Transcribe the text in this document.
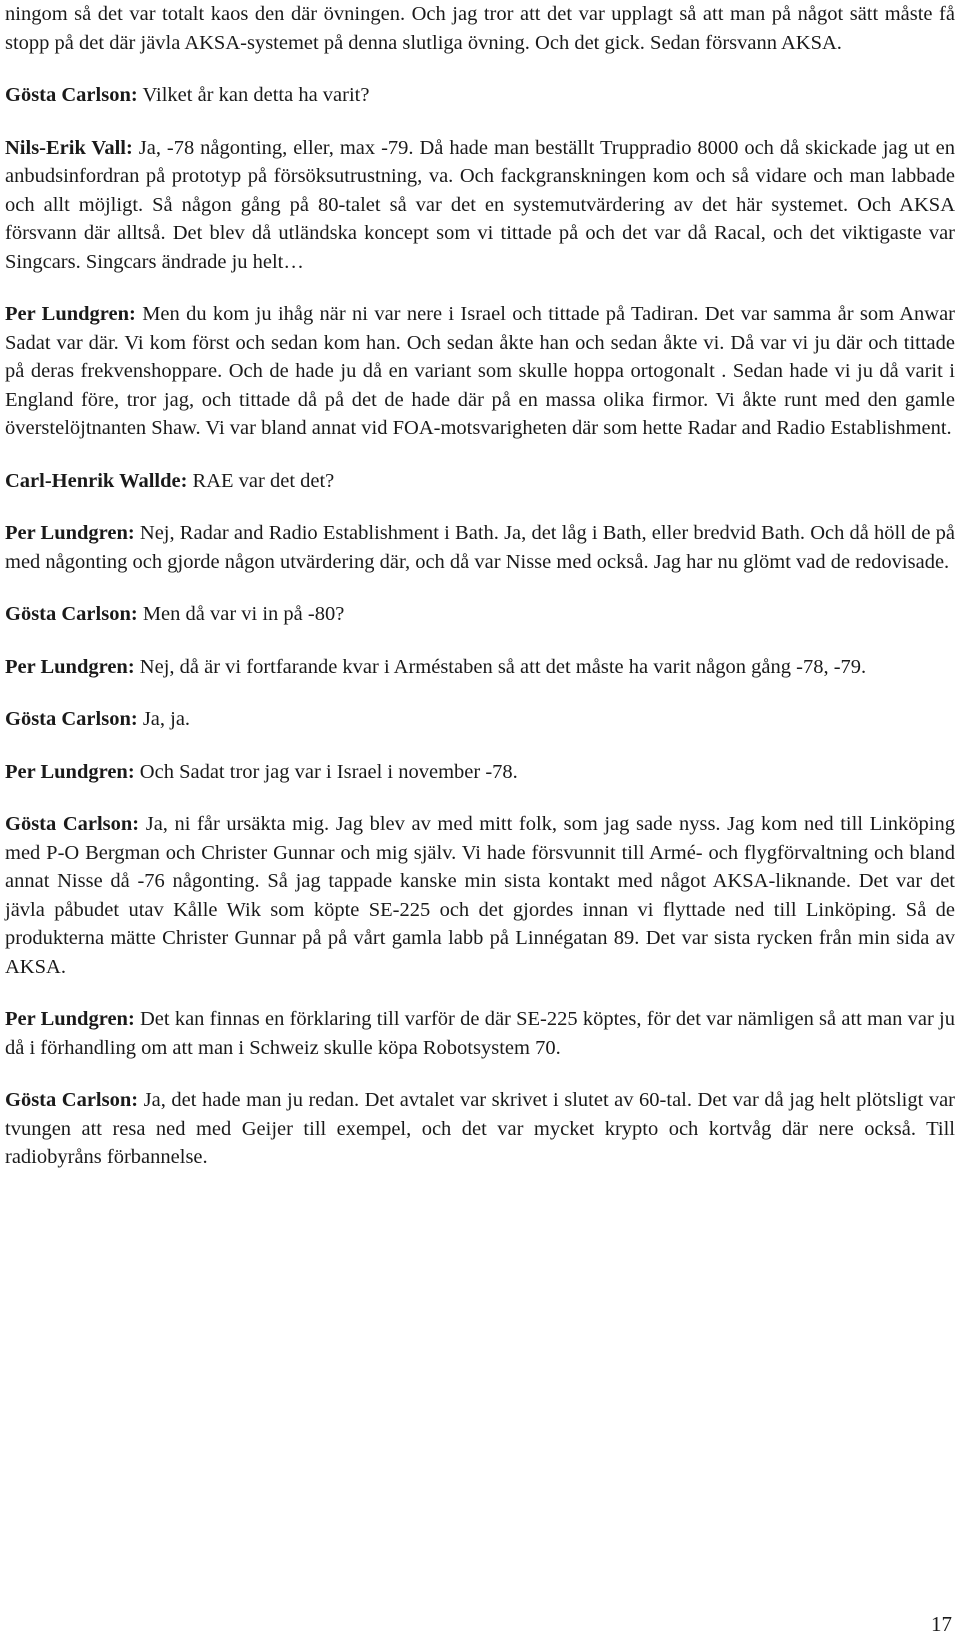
ningom så det var totalt kaos den där övningen. Och jag tror att det var upplagt så att man på något sätt måste få stopp på det där jävla AKSA-systemet på denna slutliga övning. Och det gick. Sedan försvann AKSA.

Gösta Carlson: Vilket år kan detta ha varit?

Nils-Erik Vall: Ja, -78 någonting, eller, max -79. Då hade man beställt Truppradio 8000 och då skickade jag ut en anbudsinfordran på prototyp på försöksutrustning, va. Och fackgranskningen kom och så vidare och man labbade och allt möjligt. Så någon gång på 80-talet så var det en systemutvärdering av det här systemet. Och AKSA försvann där alltså. Det blev då utländska koncept som vi tittade på och det var då Racal, och det viktigaste var Singcars. Singcars ändrade ju helt…

Per Lundgren: Men du kom ju ihåg när ni var nere i Israel och tittade på Tadiran. Det var samma år som Anwar Sadat var där. Vi kom först och sedan kom han. Och sedan åkte han och sedan åkte vi. Då var vi ju där och tittade på deras frekvenshoppare. Och de hade ju då en variant som skulle hoppa ortogonalt . Sedan hade vi ju då varit i England före, tror jag, och tittade då på det de hade där på en massa olika firmor. Vi åkte runt med den gamle överstelöjtnanten Shaw. Vi var bland annat vid FOA-motsvarigheten där som hette Radar and Radio Establishment.

Carl-Henrik Wallde: RAE var det det?

Per Lundgren: Nej, Radar and Radio Establishment i Bath. Ja, det låg i Bath, eller bredvid Bath. Och då höll de på med någonting och gjorde någon utvärdering där, och då var Nisse med också. Jag har nu glömt vad de redovisade.

Gösta Carlson: Men då var vi in på -80?

Per Lundgren: Nej, då är vi fortfarande kvar i Arméstaben så att det måste ha varit någon gång -78, -79.

Gösta Carlson: Ja, ja.

Per Lundgren: Och Sadat tror jag var i Israel i november -78.

Gösta Carlson: Ja, ni får ursäkta mig. Jag blev av med mitt folk, som jag sade nyss. Jag kom ned till Linköping med P-O Bergman och Christer Gunnar och mig själv. Vi hade försvunnit till Armé- och flygförvaltning och bland annat Nisse då -76 någonting. Så jag tappade kanske min sista kontakt med något AKSA-liknande. Det var det jävla påbudet utav Kålle Wik som köpte SE-225 och det gjordes innan vi flyttade ned till Linköping. Så de produkterna mätte Christer Gunnar på på vårt gamla labb på Linnégatan 89. Det var sista rycken från min sida av AKSA.

Per Lundgren: Det kan finnas en förklaring till varför de där SE-225 köptes, för det var nämligen så att man var ju då i förhandling om att man i Schweiz skulle köpa Robotsystem 70.

Gösta Carlson: Ja, det hade man ju redan. Det avtalet var skrivet i slutet av 60-tal. Det var då jag helt plötsligt var tvungen att resa ned med Geijer till exempel, och det var mycket krypto och kortvåg där nere också. Till radiobyråns förbannelse.

17
